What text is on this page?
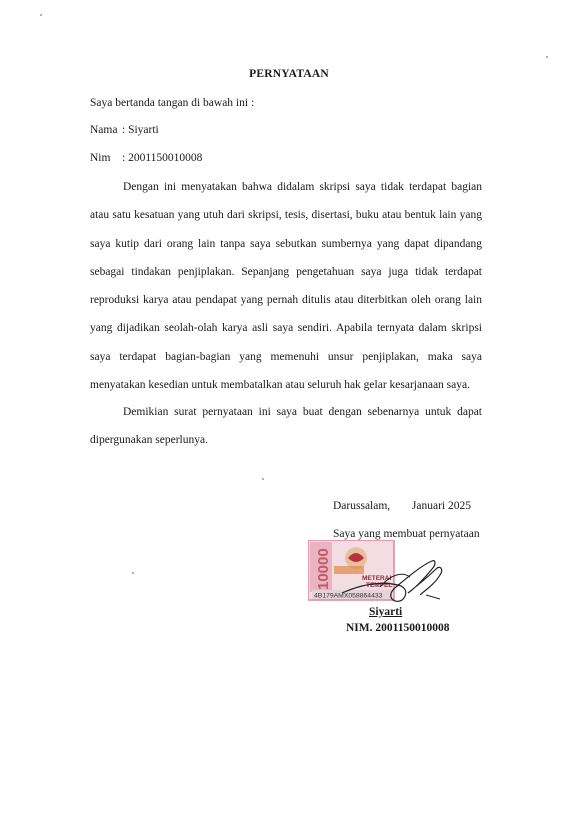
PERNYATAAN
Saya bertanda tangan di bawah ini :
Nama : Siyarti
Nim : 2001150010008
Dengan ini menyatakan bahwa didalam skripsi saya tidak terdapat bagian
atau satu kesatuan yang utuh dari skripsi, tesis, disertasi, buku atau bentuk lain yang
saya kutip dari orang lain tanpa saya sebutkan sumbernya yang dapat dipandang
sebagai tindakan penjiplakan. Sepanjang pengetahuan saya juga tidak terdapat
reproduksi karya atau pendapat yang pernah ditulis atau diterbitkan oleh orang lain
yang dijadikan seolah-olah karya asli saya sendiri. Apabila ternyata dalam skripsi
saya terdapat bagian-bagian yang memenuhi unsur penjiplakan, maka saya
menyatakan kesedian untuk membatalkan atau seluruh hak gelar kesarjanaan saya.
Demikian surat pernyataan ini saya buat dengan sebenarnya untuk dapat
dipergunakan seperlunya.
Darussalam, Januari 2025
Saya yang membuat pernyataan
10000	METERAI
TEMPEL
4B179AMX058864433
Siyarti
NIM. 2001150010008
